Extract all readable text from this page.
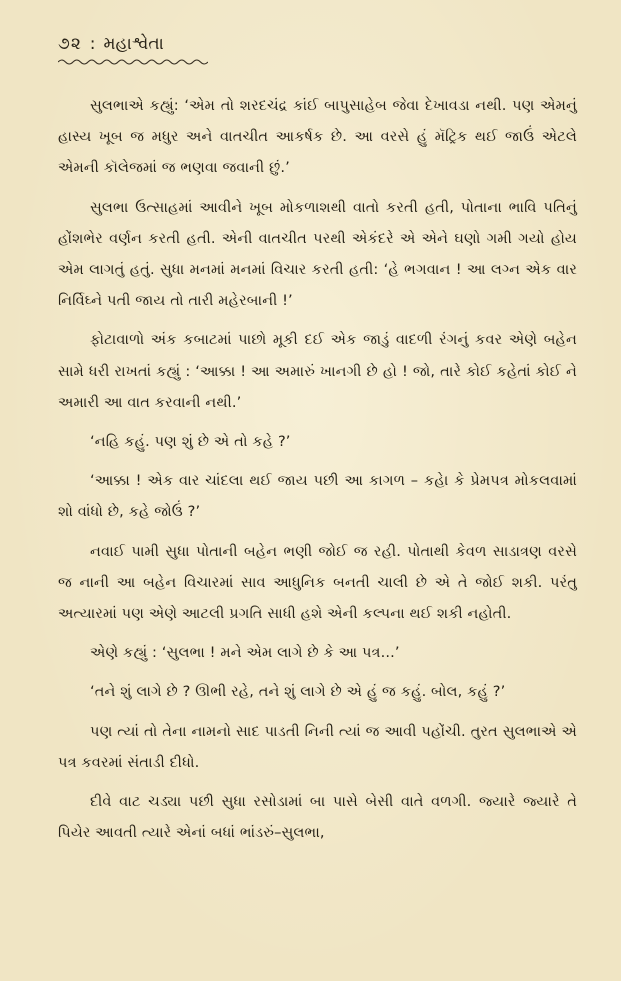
૭૨ : મહાશ્વેતા

સુલભાએ કહ્યું: ‘એમ તો શરદચંદ્ર કાંઈ બાપુસાહેબ જેવા દેખાવડા નથી. પણ એમનું હાસ્ય ખૂબ જ મધુર અને વાતચીત આકર્ષક છે. આ વરસે હું મૅટ્રિક થઈ જાઉં એટલે એમની કૉલેજમાં જ ભણવા જવાની છું.’

સુલભા ઉત્સાહમાં આવીને ખૂબ મોકળાશથી વાતો કરતી હતી, પોતાના ભાવિ પતિનું હોંશભેર વર્ણન કરતી હતી. એની વાતચીત પરથી એકંદરે એ એને ઘણો ગમી ગયો હોય એમ લાગતું હતું. સુધા મનમાં મનમાં વિચાર કરતી હતી: ‘હે ભગવાન ! આ લગ્ન એક વાર નિર્વિઘ્ને પતી જાય તો તારી મહેરબાની !’

ફોટાવાળો અંક કબાટમાં પાછો મૂકી દઈ એક જાડું વાદળી રંગનું કવર એણે બહેન સામે ધરી રાખતાં કહ્યું : ‘આક્કા ! આ અમારું ખાનગી છે હો ! જો, તારે કોઈ કહેતાં કોઈ ને અમારી આ વાત કરવાની નથી.’

‘નહિ કહું. પણ શું છે એ તો કહે ?’

‘આક્કા ! એક વાર ચાંદલા થઈ જાય પછી આ કાગળ – કહેા કે પ્રેમપત્ર મોકલવામાં શો વાંધો છે, કહે જોઉં ?’

નવાઈ પામી સુધા પોતાની બહેન ભણી જોઈ જ રહી. પોતાથી કેવળ સાડાત્રણ વરસે જ નાની આ બહેન વિચારમાં સાવ આધુનિક બનતી ચાલી છે એ તે જોઈ શકી. પરંતુ અત્યારમાં પણ એણે આટલી પ્રગતિ સાધી હશે એની કલ્પના થઈ શકી નહોતી.

એણે કહ્યું : ‘સુલભા ! મને એમ લાગે છે કે આ પત્ર...’

‘તને શું લાગે છે ? ઊભી રહે, તને શું લાગે છે એ હું જ કહું. બોલ, કહું ?’

પણ ત્યાં તો તેના નામનો સાદ પાડતી નિની ત્યાં જ આવી પહોંચી. તુરત સુલભાએ એ પત્ર કવરમાં સંતાડી દીધો.

દીવે વાટ ચડ્યા પછી સુધા રસોડામાં બા પાસે બેસી વાતે વળગી. જ્યારે જ્યારે તે પિયેર આવતી ત્યારે એનાં બધાં ભાંડરું–સુલભા,
